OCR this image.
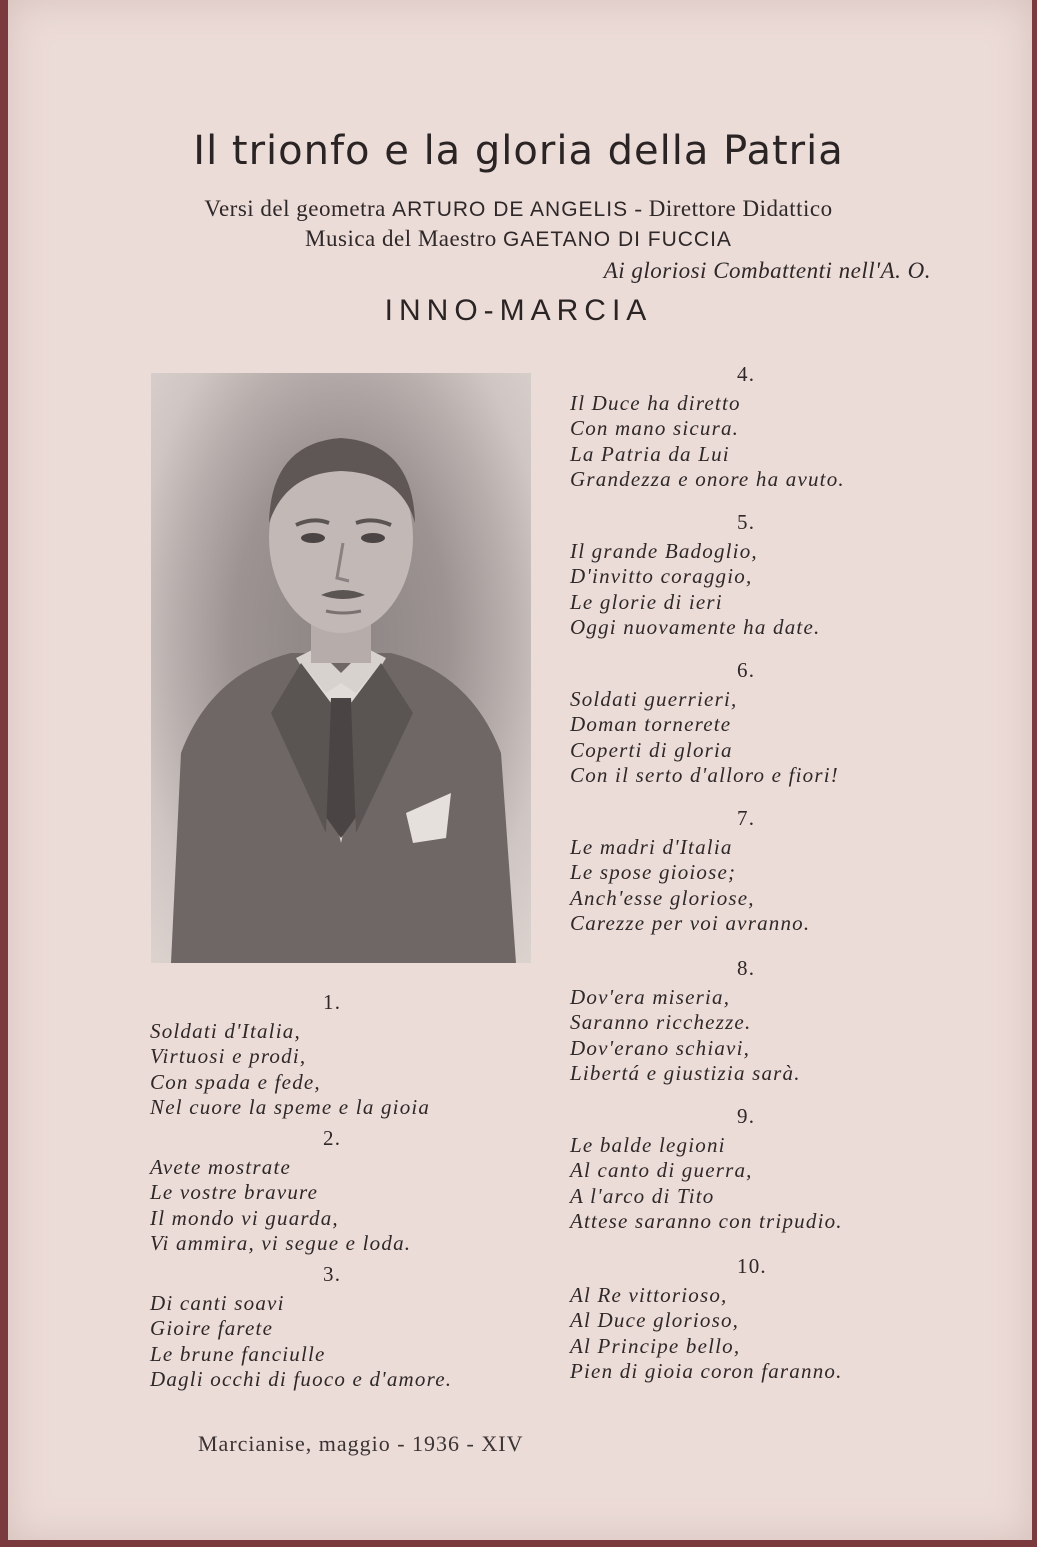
Il trionfo e la gloria della Patria
Versi del geometra ARTURO DE ANGELIS - Direttore Didattico
Musica del Maestro GAETANO DI FUCCIA
Ai gloriosi Combattenti nell'A. O.
INNO-MARCIA
1.
Soldati d'Italia,
Virtuosi e prodi,
Con spada e fede,
Nel cuore la speme e la gioia
2.
Avete mostrate
Le vostre bravure
Il mondo vi guarda,
Vi ammira, vi segue e loda.
3.
Di canti soavi
Gioire farete
Le brune fanciulle
Dagli occhi di fuoco e d'amore.
4.
Il Duce ha diretto
Con mano sicura.
La Patria da Lui
Grandezza e onore ha avuto.
5.
Il grande Badoglio,
D'invitto coraggio,
Le glorie di ieri
Oggi nuovamente ha date.
6.
Soldati guerrieri,
Doman tornerete
Coperti di gloria
Con il serto d'alloro e fiori!
7.
Le madri d'Italia
Le spose gioiose;
Anch'esse gloriose,
Carezze per voi avranno.
8.
Dov'era miseria,
Saranno ricchezze.
Dov'erano schiavi,
Libertá e giustizia sarà.
9.
Le balde legioni
Al canto di guerra,
A l'arco di Tito
Attese saranno con tripudio.
10.
Al Re vittorioso,
Al Duce glorioso,
Al Principe bello,
Pien di gioia coron faranno.
Marcianise, maggio - 1936 - XIV
